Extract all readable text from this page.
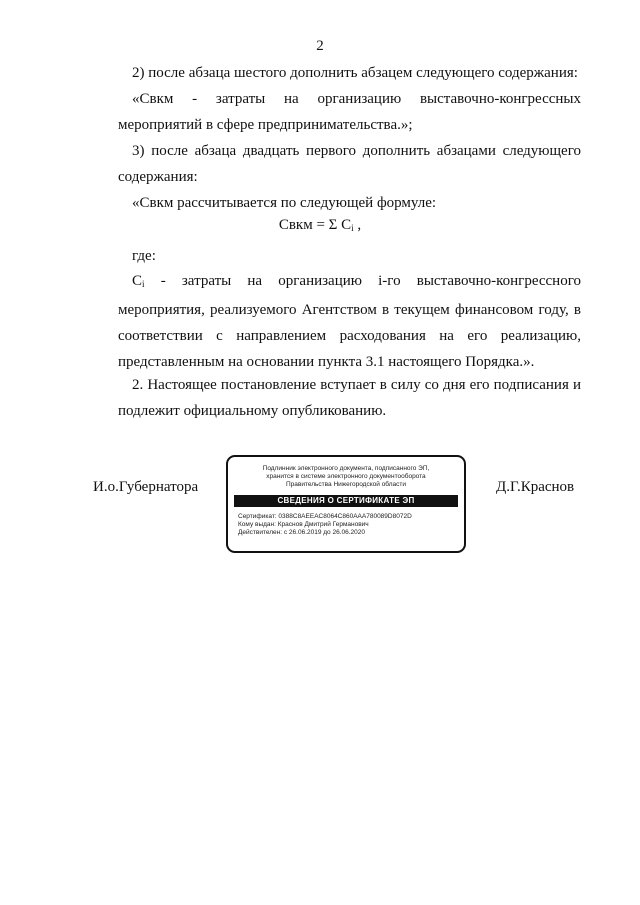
2

2) после абзаца шестого дополнить абзацем следующего содержания:

«Свкм - затраты на организацию выставочно-конгрессных мероприятий в сфере предпринимательства.»;

3) после абзаца двадцать первого дополнить абзацами следующего содержания:

«Свкм рассчитывается по следующей формуле:

Свкм = Σ $C_i$ ,

где:

Ci - затраты на организацию i-го выставочно-конгрессного мероприятия, реализуемого Агентством в текущем финансовом году, в соответствии с направлением расходования на его реализацию, представленным на основании пункта 3.1 настоящего Порядка.».

2. Настоящее постановление вступает в силу со дня его подписания и подлежит официальному опубликованию.

И.о.Губернатора
Подлинник электронного документа, подписанного ЭП,
хранится в системе электронного документооборота
Правительства Нижегородской области
СВЕДЕНИЯ О СЕРТИФИКАТЕ ЭП
Сертификат: 0388C8AEEAC8064C860AAA780089D8072D
Кому выдан: Краснов Дмитрий Германович
Действителен: с 26.06.2019 до 26.06.2020
Д.Г.Краснов
